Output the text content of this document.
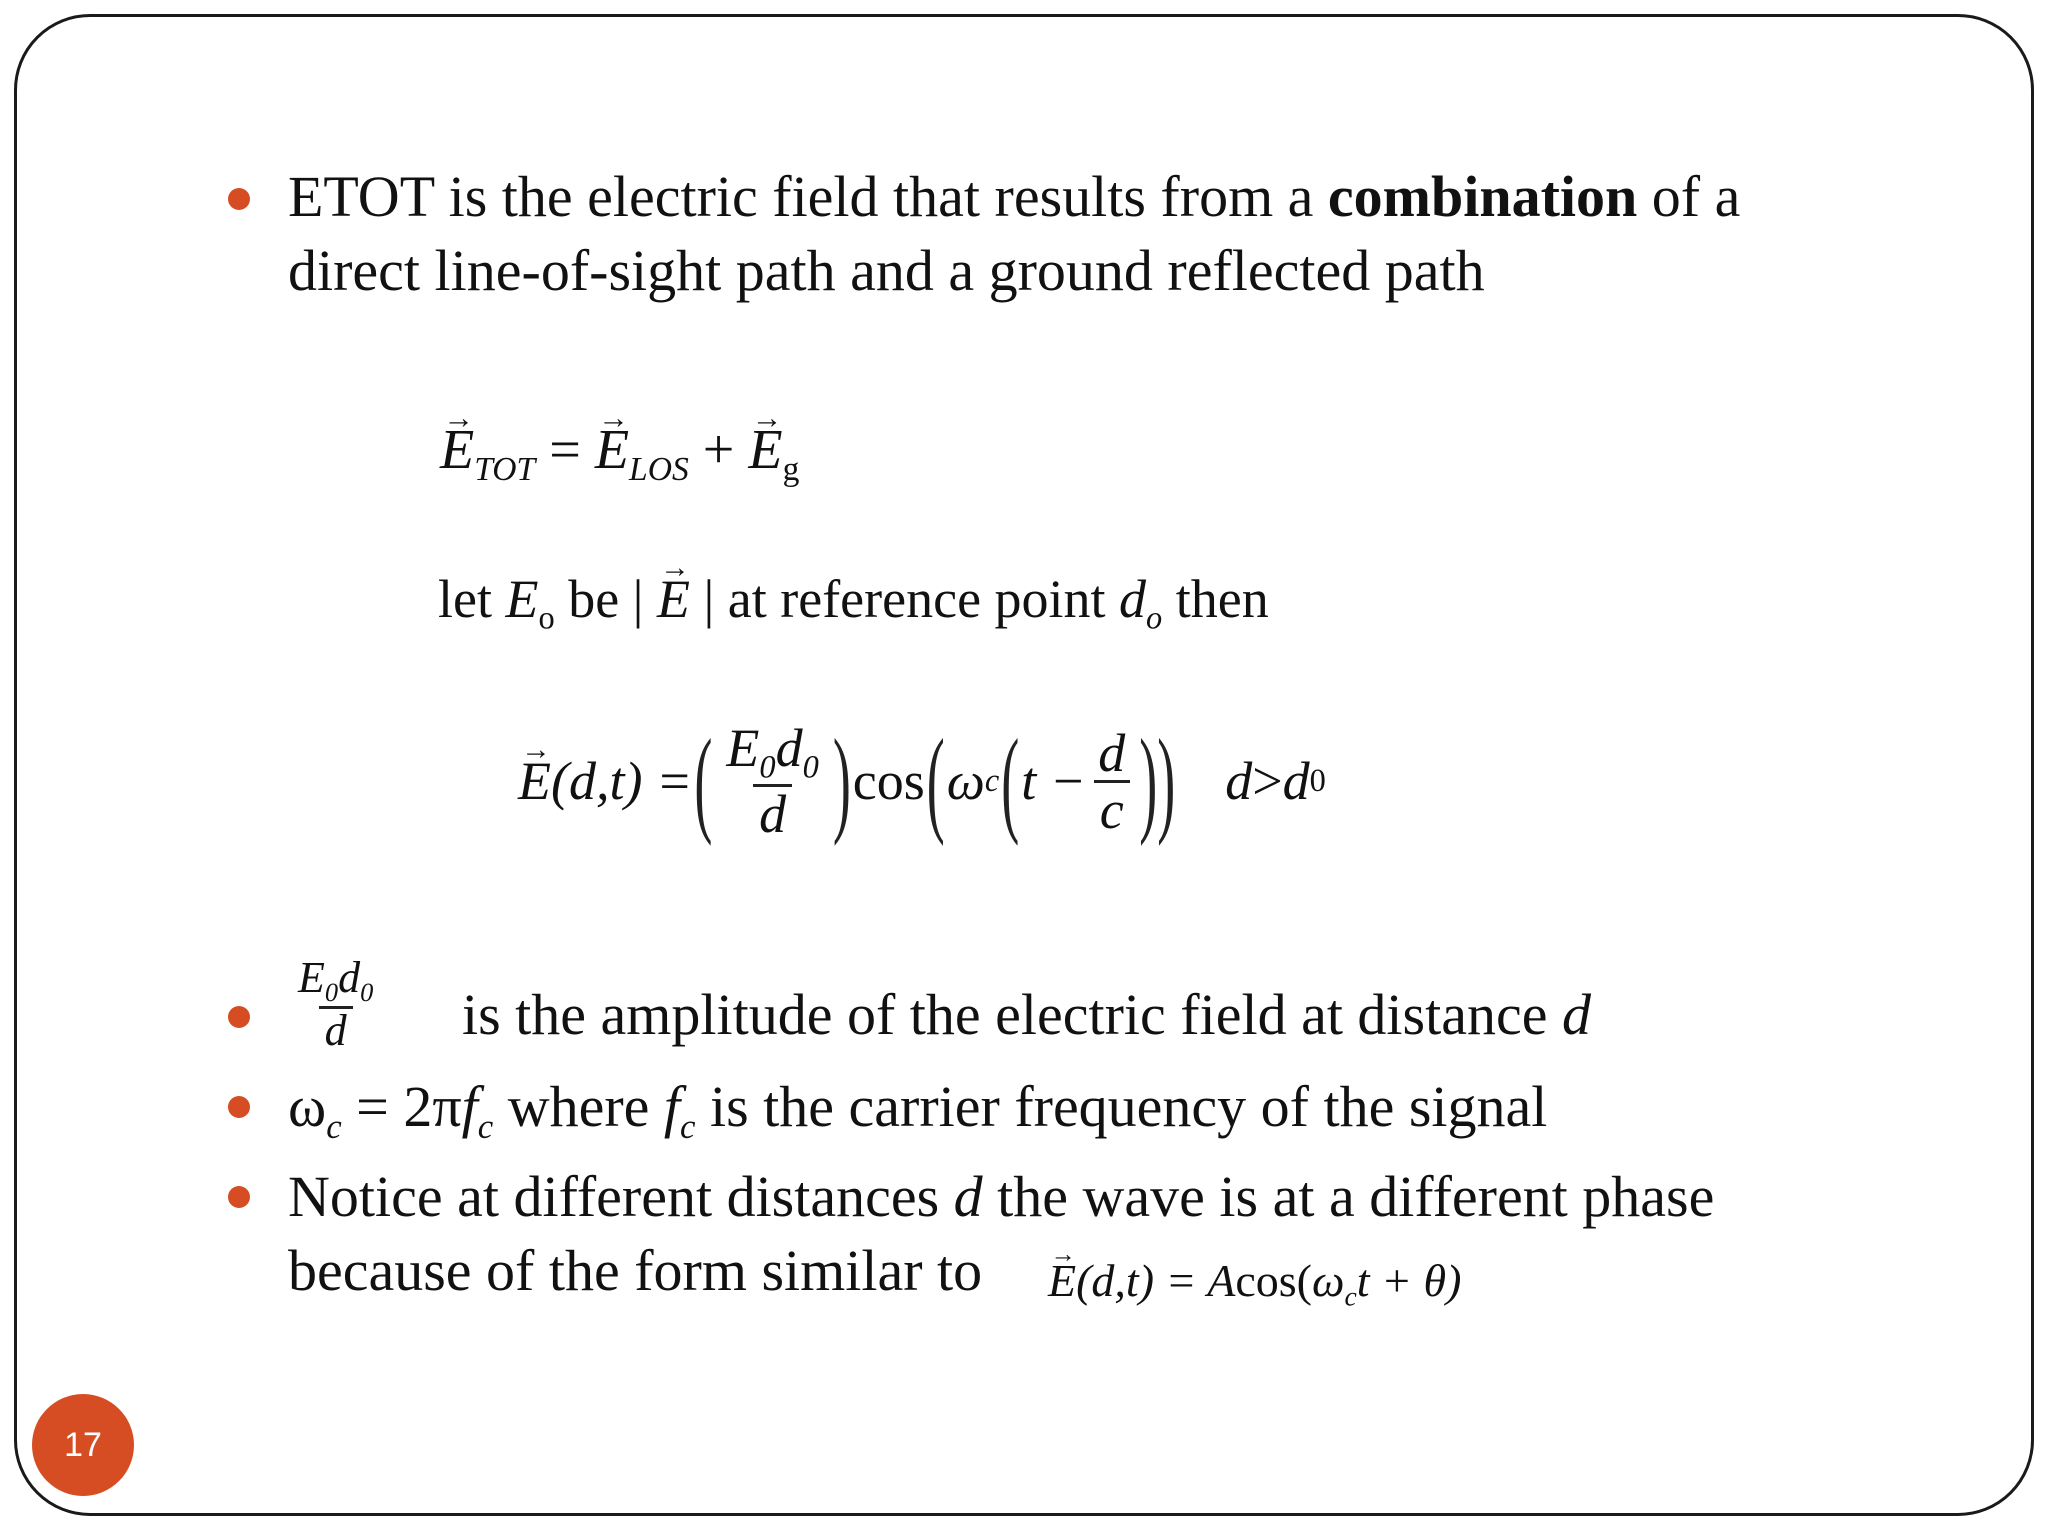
ETOT is the electric field that results from a combination of a
direct line-of-sight path and a ground reflected path
→ $E_{TOT}$ = → $E_{LOS}$ + → $E_g$
let $E_o$ be | → E | at reference point $d_o$ then
→ E (d,t) = ( $\frac{E_0d_0}{d}$ ) cos ( ω c ( $t - \frac{d}{c}$ )) d > d 0
$\frac{E_0d_0}{d}$ is the amplitude of the electric field at distance d
$\omega_c = 2\pi f_c$ where $f_c$ is the carrier frequency of the signal
Notice at different distances d the wave is at a different phase
because of the form similar to
→	$E(d,t) = Acos(\omega_ct + \theta)$
17
